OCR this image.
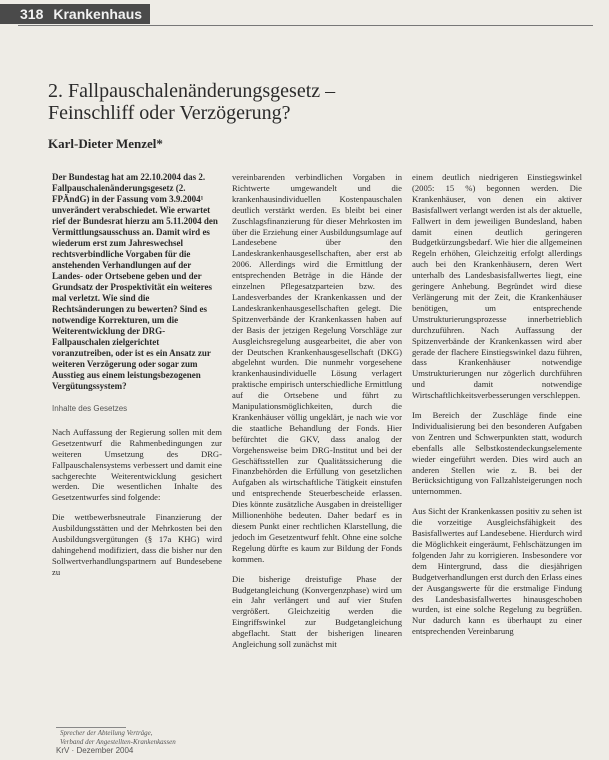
318 Krankenhaus
2. Fallpauschalenänderungsgesetz –
Feinschliff oder Verzögerung?
Karl-Dieter Menzel*

Der Bundestag hat am 22.10.2004 das 2. Fallpauschalenänderungsgesetz (2. FPÄndG) in der Fassung vom 3.9.2004¹ unverändert verabschiedet. Wie erwartet rief der Bundesrat hierzu am 5.11.2004 den Vermittlungsausschuss an. Damit wird es wiederum erst zum Jahreswechsel rechtsverbindliche Vorgaben für die anstehenden Verhandlungen auf der Landes- oder Ortsebene geben und der Grundsatz der Prospektivität ein weiteres mal verletzt. Wie sind die Rechtsänderungen zu bewerten? Sind es notwendige Korrekturen, um die Weiterentwicklung der DRG-Fallpauschalen zielgerichtet voranzutreiben, oder ist es ein Ansatz zur weiteren Verzögerung oder sogar zum Ausstieg aus einem leistungsbezogenen Vergütungssystem?

Inhalte des Gesetzes

Nach Auffassung der Regierung sollen mit dem Gesetzentwurf die Rahmenbedingungen zur weiteren Umsetzung des DRG-Fallpauschalensystems verbessert und damit eine sachgerechte Weiterentwicklung gesichert werden. Die wesentlichen Inhalte des Gesetzentwurfes sind folgende:

Die wettbewerbsneutrale Finanzierung der Ausbildungsstätten und der Mehrkosten bei den Ausbildungsvergütungen (§ 17a KHG) wird dahingehend modifiziert, dass die bisher nur den Sollwertverhandlungspartnern auf Bundesebene zu

vereinbarenden verbindlichen Vorgaben in Richtwerte umgewandelt und die krankenhausindividuellen Kostenpauschalen deutlich verstärkt werden. Es bleibt bei einer Zuschlagsfinanzierung für dieser Mehrkosten im über die Erziehung einer Ausbildungsumlage auf Landesebene über den Landeskrankenhausgesellschaften, aber erst ab 2006. Allerdings wird die Ermittlung der entsprechenden Beträge in die Hände der einzelnen Pflegesatzparteien bzw. des Landesverbandes der Krankenkassen und der Landeskrankenhausgesellschaften gelegt. Die Spitzenverbände der Krankenkassen haben auf der Basis der jetzigen Regelung Vorschläge zur Ausgleichsregelung ausgearbeitet, die aber von der Deutschen Krankenhausgesellschaft (DKG) abgelehnt wurden. Die nunmehr vorgesehene krankenhausindividuelle Lösung verlagert praktische empirisch unterschiedliche Ermittlung auf die Ortsebene und führt zu Manipulationsmöglichkeiten, durch die Krankenhäuser völlig ungeklärt, je nach wie vor die staatliche Behandlung der Fonds. Hier befürchtet die GKV, dass analog der Vorgehensweise beim DRG-Institut und bei der Geschäftsstellen zur Qualitätssicherung die Finanzbehörden die Erfüllung von gesetzlichen Aufgaben als wirtschaftliche Tätigkeit einstufen und entsprechende Steuerbescheide erlassen. Dies könnte zusätzliche Ausgaben in dreistelliger Millionenhöhe bedeuten. Daher bedarf es in diesem Punkt einer rechtlichen Klarstellung, die jedoch im Gesetzentwurf fehlt. Ohne eine solche Regelung dürfte es kaum zur Bildung der Fonds kommen.

Die bisherige dreistufige Phase der Budgetangleichung (Konvergenzphase) wird um ein Jahr verlängert und auf vier Stufen vergrößert. Gleichzeitig werden die Eingriffswinkel zur Budgetangleichung abgeflacht. Statt der bisherigen linearen Angleichung soll zunächst mit

einem deutlich niedrigeren Einstiegswinkel (2005: 15 %) begonnen werden. Die Krankenhäuser, von denen ein aktiver Basisfallwert verlangt werden ist als der aktuelle, Fallwert in dem jeweiligen Bundesland, haben damit einen deutlich geringeren Budgetkürzungsbedarf. Wie hier die allgemeinen Regeln erhöhen, Gleichzeitig erfolgt allerdings auch bei den Krankenhäusern, deren Wert unterhalb des Landesbasisfallwertes liegt, eine geringere Anhebung. Begründet wird diese Verlängerung mit der Zeit, die Krankenhäuser benötigen, um entsprechende Umstrukturierungsprozesse innerbetrieblich durchzuführen. Nach Auffassung der Spitzenverbände der Krankenkassen wird aber gerade der flachere Einstiegswinkel dazu führen, dass Krankenhäuser notwendige Umstrukturierungen nur zögerlich durchführen und damit notwendige Wirtschaftlichkeitsverbesserungen verschleppen.

Im Bereich der Zuschläge finde eine Individualisierung bei den besonderen Aufgaben von Zentren und Schwerpunkten statt, wodurch ebenfalls alle Selbstkostendeckungselemente wieder eingeführt werden. Dies wird auch an anderen Stellen wie z. B. bei der Berücksichtigung von Fallzahlsteigerungen noch unternommen.

Aus Sicht der Krankenkassen positiv zu sehen ist die vorzeitige Ausgleichsfähigkeit des Basisfallwertes auf Landesebene. Hierdurch wird die Möglichkeit eingeräumt, Fehlschätzungen im folgenden Jahr zu korrigieren. Insbesondere vor dem Hintergrund, dass die diesjährigen Budgetverhandlungen erst durch den Erlass eines der Ausgangswerte für die erstmalige Findung des Landesbasisfallwertes hinausgeschoben wurden, ist eine solche Regelung zu begrüßen. Nur dadurch kann es überhaupt zu einer entsprechenden Vereinbarung

Sprecher der Abteilung Verträge,
Verband der Angestellten-Krankenkassen
KrV · Dezember 2004
